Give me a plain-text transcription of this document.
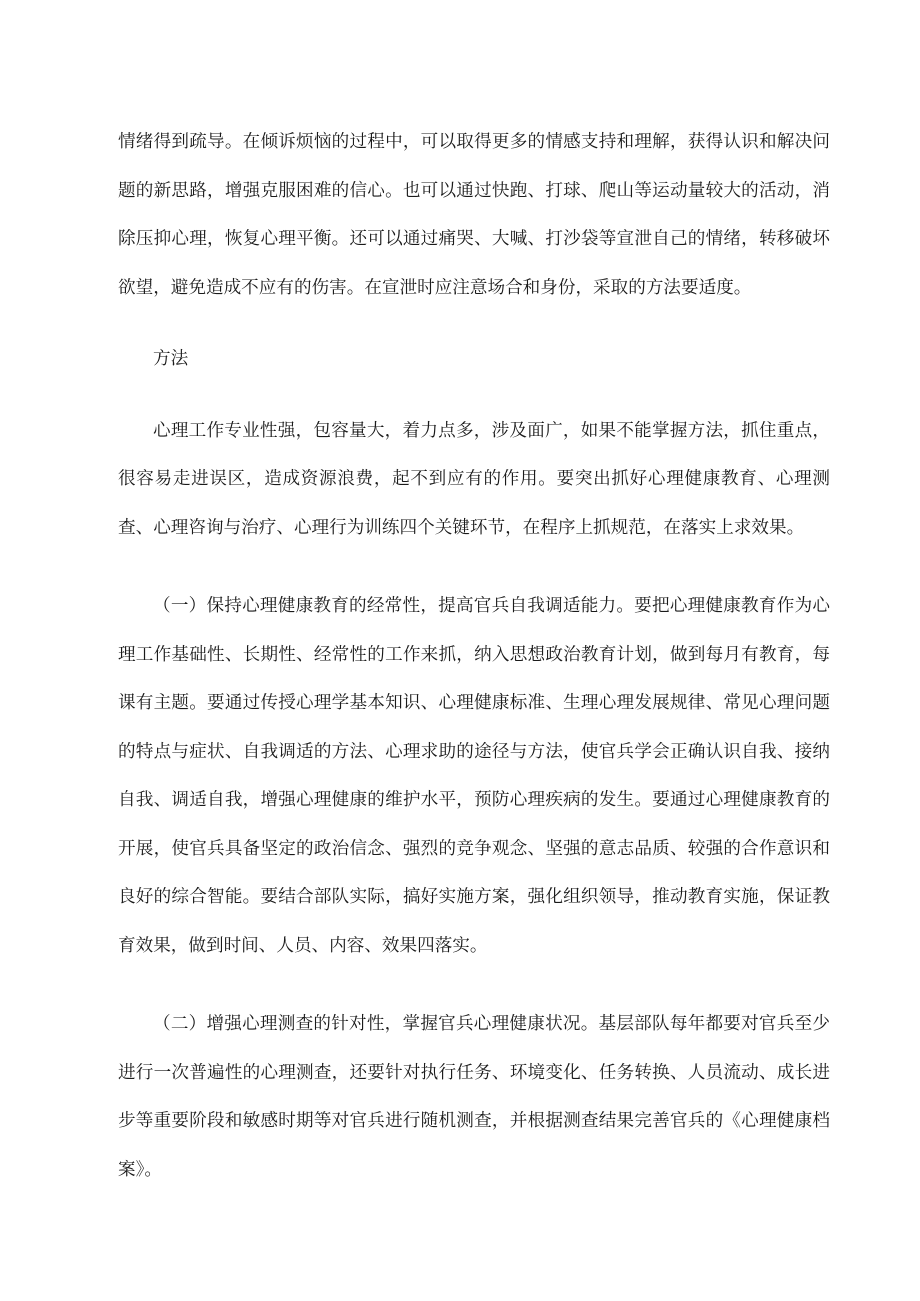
情绪得到疏导。在倾诉烦恼的过程中，可以取得更多的情感支持和理解，获得认识和解决问题的新思路，增强克服困难的信心。也可以通过快跑、打球、爬山等运动量较大的活动，消除压抑心理，恢复心理平衡。还可以通过痛哭、大喊、打沙袋等宣泄自己的情绪，转移破坏欲望，避免造成不应有的伤害。在宣泄时应注意场合和身份，采取的方法要适度。

方法

心理工作专业性强，包容量大，着力点多，涉及面广，如果不能掌握方法，抓住重点，很容易走进误区，造成资源浪费，起不到应有的作用。要突出抓好心理健康教育、心理测查、心理咨询与治疗、心理行为训练四个关键环节，在程序上抓规范，在落实上求效果。

（一）保持心理健康教育的经常性，提高官兵自我调适能力。要把心理健康教育作为心理工作基础性、长期性、经常性的工作来抓，纳入思想政治教育计划，做到每月有教育，每课有主题。要通过传授心理学基本知识、心理健康标准、生理心理发展规律、常见心理问题的特点与症状、自我调适的方法、心理求助的途径与方法，使官兵学会正确认识自我、接纳自我、调适自我，增强心理健康的维护水平，预防心理疾病的发生。要通过心理健康教育的开展，使官兵具备坚定的政治信念、强烈的竞争观念、坚强的意志品质、较强的合作意识和良好的综合智能。要结合部队实际，搞好实施方案，强化组织领导，推动教育实施，保证教育效果，做到时间、人员、内容、效果四落实。

（二）增强心理测查的针对性，掌握官兵心理健康状况。基层部队每年都要对官兵至少进行一次普遍性的心理测查，还要针对执行任务、环境变化、任务转换、人员流动、成长进步等重要阶段和敏感时期等对官兵进行随机测查，并根据测查结果完善官兵的《心理健康档案》。
